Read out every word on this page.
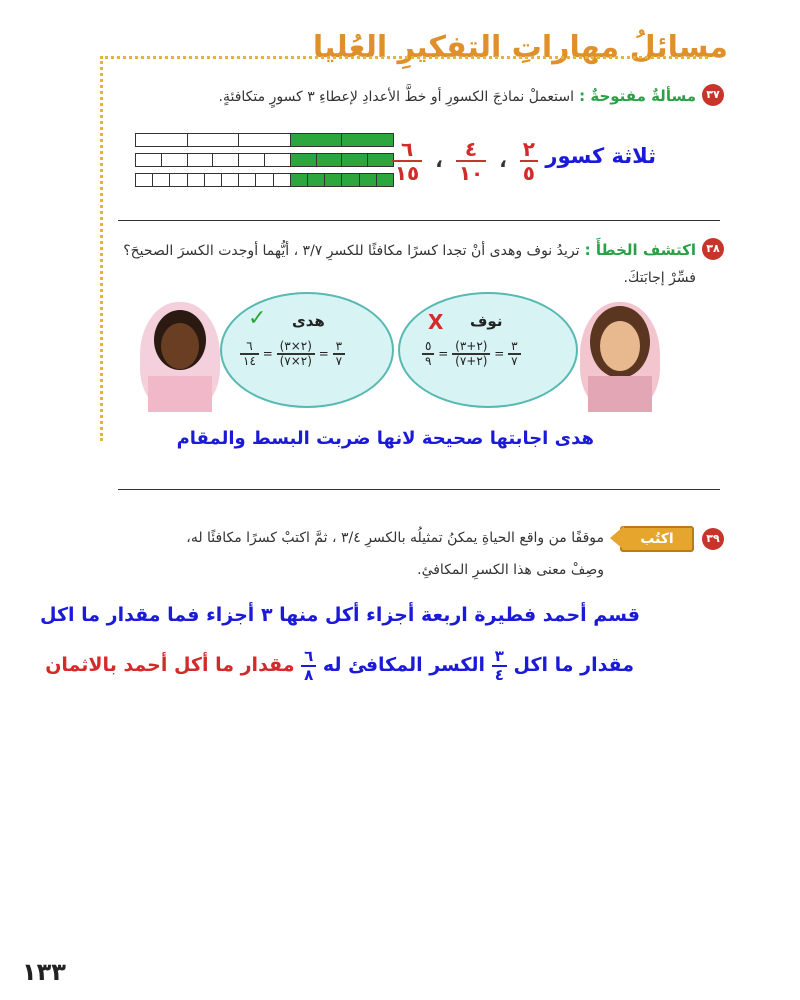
مسائلُ مهاراتِ التفكيرِ العُليا
٣٧
مسألةٌ مفتوحةٌ : استعملْ نماذجَ الكسورِ أو خطَّ الأعدادِ لإعطاءِ ٣ كسورٍ متكافئةٍ.
ثلاثة كسور
$\frac{٢}{٥}$
،
$\frac{٤}{١٠}$
،
$\frac{٦}{١٥}$
٣٨
اكتشف الخطأَ : تريدُ نوف وهدى أنْ تجدا كسرًا مكافئًا للكسرِ ٣/٧ ، أيُّهما أوجدت الكسرَ الصحيحَ؟
فسِّرْ إجابَتكَ.
نوف
X
$\frac{٥}{٩} = \frac{(٢+٣)}{(٢+٧)} = \frac{٣}{٧}$
هدى
✓
$\frac{٦}{١٤} = \frac{(٢\times ٣)}{(٢\times ٧)} = \frac{٣}{٧}$
هدى اجابتها صحيحة لانها ضربت البسط والمقام
٣٩
اكتُب
موقفًا من واقع الحياةِ يمكنُ تمثيلُه بالكسرِ ٣/٤ ، ثمَّ اكتبْ كسرًا مكافئًا له،
وصِفْ معنى هذا الكسرِ المكافئِ.
قسم أحمد فطيرة اربعة أجزاء أكل منها ٣ أجزاء فما مقدار ما اكل
مقدار ما اكل
$\frac{٣}{٤}$
الكسر المكافئ له
$\frac{٦}{٨}$
مقدار ما أكل أحمد بالاثمان
١٣٣
